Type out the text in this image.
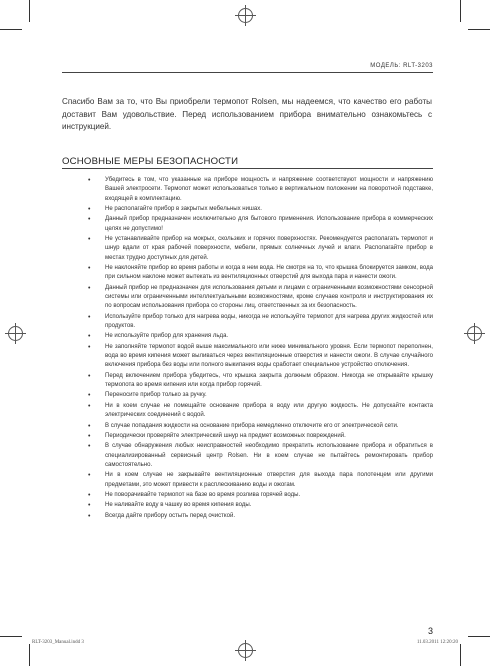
МОДЕЛЬ: RLT-3203

Спасибо Вам за то, что Вы приобрели термопот Rolsen, мы надеемся, что качество его работы доставит Вам удовольствие. Перед использованием прибора внимательно ознакомьтесь с инструкцией.

ОСНОВНЫЕ МЕРЫ БЕЗОПАСНОСТИ
• Убедитесь в том, что указанные на приборе мощность и напряжение соответствуют мощности и напряжению Вашей электросети. Термопот может использоваться только в вертикальном положении на поворотной подставке, входящей в комплектацию.
• Не располагайте прибор в закрытых мебельных нишах.
• Данный прибор предназначен исключительно для бытового применения. Использование прибора в коммерческих целях не допустимо!
• Не устанавливайте прибор на мокрых, скользких и горячих поверхностях. Рекомендуется располагать термопот и шнур вдали от края рабочей поверхности, мебели, прямых солнечных лучей и влаги. Располагайте прибор в местах трудно доступных для детей.
• Не наклоняйте прибор во время работы и когда в нем вода. Не смотря на то, что крышка блокируется замком, вода при сильном наклоне может вытекать из вентиляционных отверстий для выхода пара и нанести ожоги.
• Данный прибор не предназначен для использования детьми и лицами с ограниченными возможностями сенсорной системы или ограниченными интеллектуальными возможностями, кроме случаев контроля и инструктирования их по вопросам использования прибора со стороны лиц, ответственных за их безопасность.
• Используйте прибор только для нагрева воды, никогда не используйте термопот для нагрева других жидкостей или продуктов.
• Не используйте прибор для хранения льда.
• Не заполняйте термопот водой выше максимального или ниже минимального уровня. Если термопот переполнен, вода во время кипения может выливаться через вентиляционные отверстия и нанести ожоги. В случае случайного включения прибора без воды или полного выкипания воды сработает специальное устройство отключения.
• Перед включением прибора убедитесь, что крышка закрыта должным образом. Никогда не открывайте крышку термопота во время кипения или когда прибор горячий.
• Переносите прибор только за ручку.
• Ни в коем случае не помещайте основание прибора в воду или другую жидкость. Не допускайте контакта электрических соединений с водой.
• В случае попадания жидкости на основание прибора немедленно отключите его от электрической сети.
• Периодически проверяйте электрический шнур на предмет возможных повреждений.
• В случае обнаружения любых неисправностей необходимо прекратить использование прибора и обратиться в специализированный сервисный центр Rolsen. Ни в коем случае не пытайтесь ремонтировать прибор самостоятельно.
• Ни в коем случае не закрывайте вентиляционные отверстия для выхода пара полотенцем или другими предметами, это может привести к расплескиванию воды и ожогам.
• Не поворачивайте термопот на базе во время розлива горячей воды.
• Не наливайте воду в чашку во время кипения воды.
• Всегда дайте прибору остыть перед очисткой.
3
RLT-3203_Manual.indd 3	11.03.2011 12:20:20
